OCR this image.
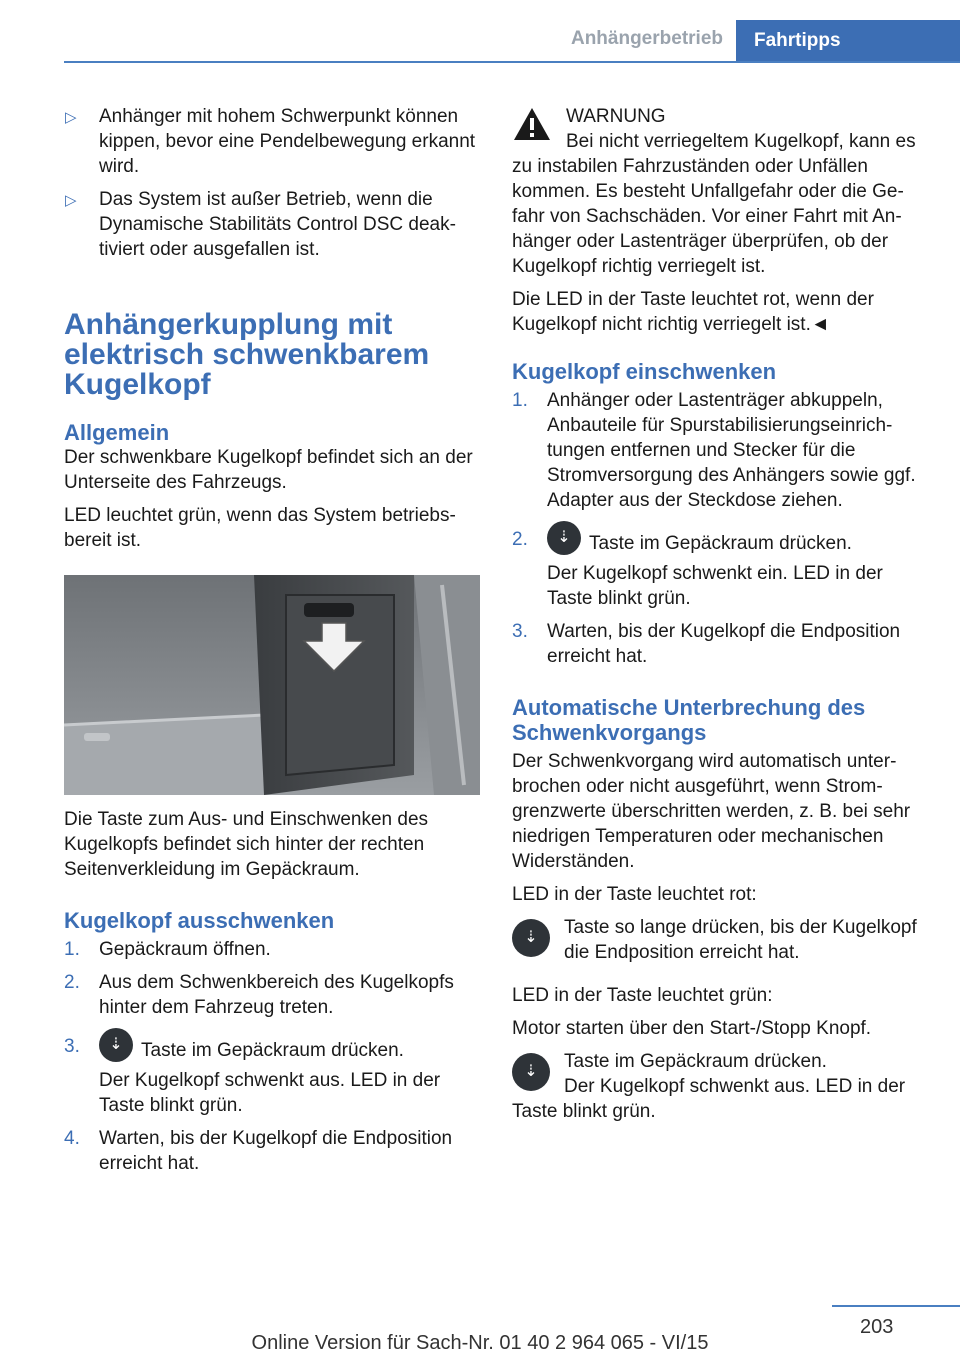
Anhängerbetrieb	Fahrtipps
▷ Anhänger mit hohem Schwerpunkt können kippen, bevor eine Pendelbewegung erkannt wird.
▷ Das System ist außer Betrieb, wenn die Dynamische Stabilitäts Control DSC deaktiviert oder ausgefallen ist.
Anhängerkupplung mit elektrisch schwenkbarem Kugelkopf
Allgemein

Der schwenkbare Kugelkopf befindet sich an der Unterseite des Fahrzeugs.

LED leuchtet grün, wenn das System betriebsbereit ist.

Die Taste zum Aus- und Einschwenken des Kugelkopfs befindet sich hinter der rechten Seitenverkleidung im Gepäckraum.

Kugelkopf ausschwenken
1. Gepäckraum öffnen.
2. Aus dem Schwenkbereich des Kugelkopfs hinter dem Fahrzeug treten.
3. ⇣ Taste im Gepäckraum drücken.
Der Kugelkopf schwenkt aus. LED in der Taste blinkt grün.
4. Warten, bis der Kugelkopf die Endposition erreicht hat.
WARNUNG

Bei nicht verriegeltem Kugelkopf, kann es zu instabilen Fahrzuständen oder Unfällen kommen. Es besteht Unfallgefahr oder die Gefahr von Sachschäden. Vor einer Fahrt mit Anhänger oder Lastenträger überprüfen, ob der Kugelkopf richtig verriegelt ist.

Die LED in der Taste leuchtet rot, wenn der Kugelkopf nicht richtig verriegelt ist.◄

Kugelkopf einschwenken
1. Anhänger oder Lastenträger abkuppeln, Anbauteile für Spurstabilisierungseinrichtungen entfernen und Stecker für die Stromversorgung des Anhängers sowie ggf. Adapter aus der Steckdose ziehen.
2. ⇣ Taste im Gepäckraum drücken.
Der Kugelkopf schwenkt ein. LED in der Taste blinkt grün.
3. Warten, bis der Kugelkopf die Endposition erreicht hat.
Automatische Unterbrechung des Schwenkvorgangs

Der Schwenkvorgang wird automatisch unterbrochen oder nicht ausgeführt, wenn Stromgrenzwerte überschritten werden, z. B. bei sehr niedrigen Temperaturen oder mechanischen Widerständen.

LED in der Taste leuchtet rot:

⇣	Taste so lange drücken, bis der Kugelkopf die Endposition erreicht hat.

LED in der Taste leuchtet grün:

Motor starten über den Start-/Stopp Knopf.

⇣	Taste im Gepäckraum drücken.

Der Kugelkopf schwenkt aus. LED in der Taste blinkt grün.

203
Online Version für Sach-Nr. 01 40 2 964 065 - VI/15
